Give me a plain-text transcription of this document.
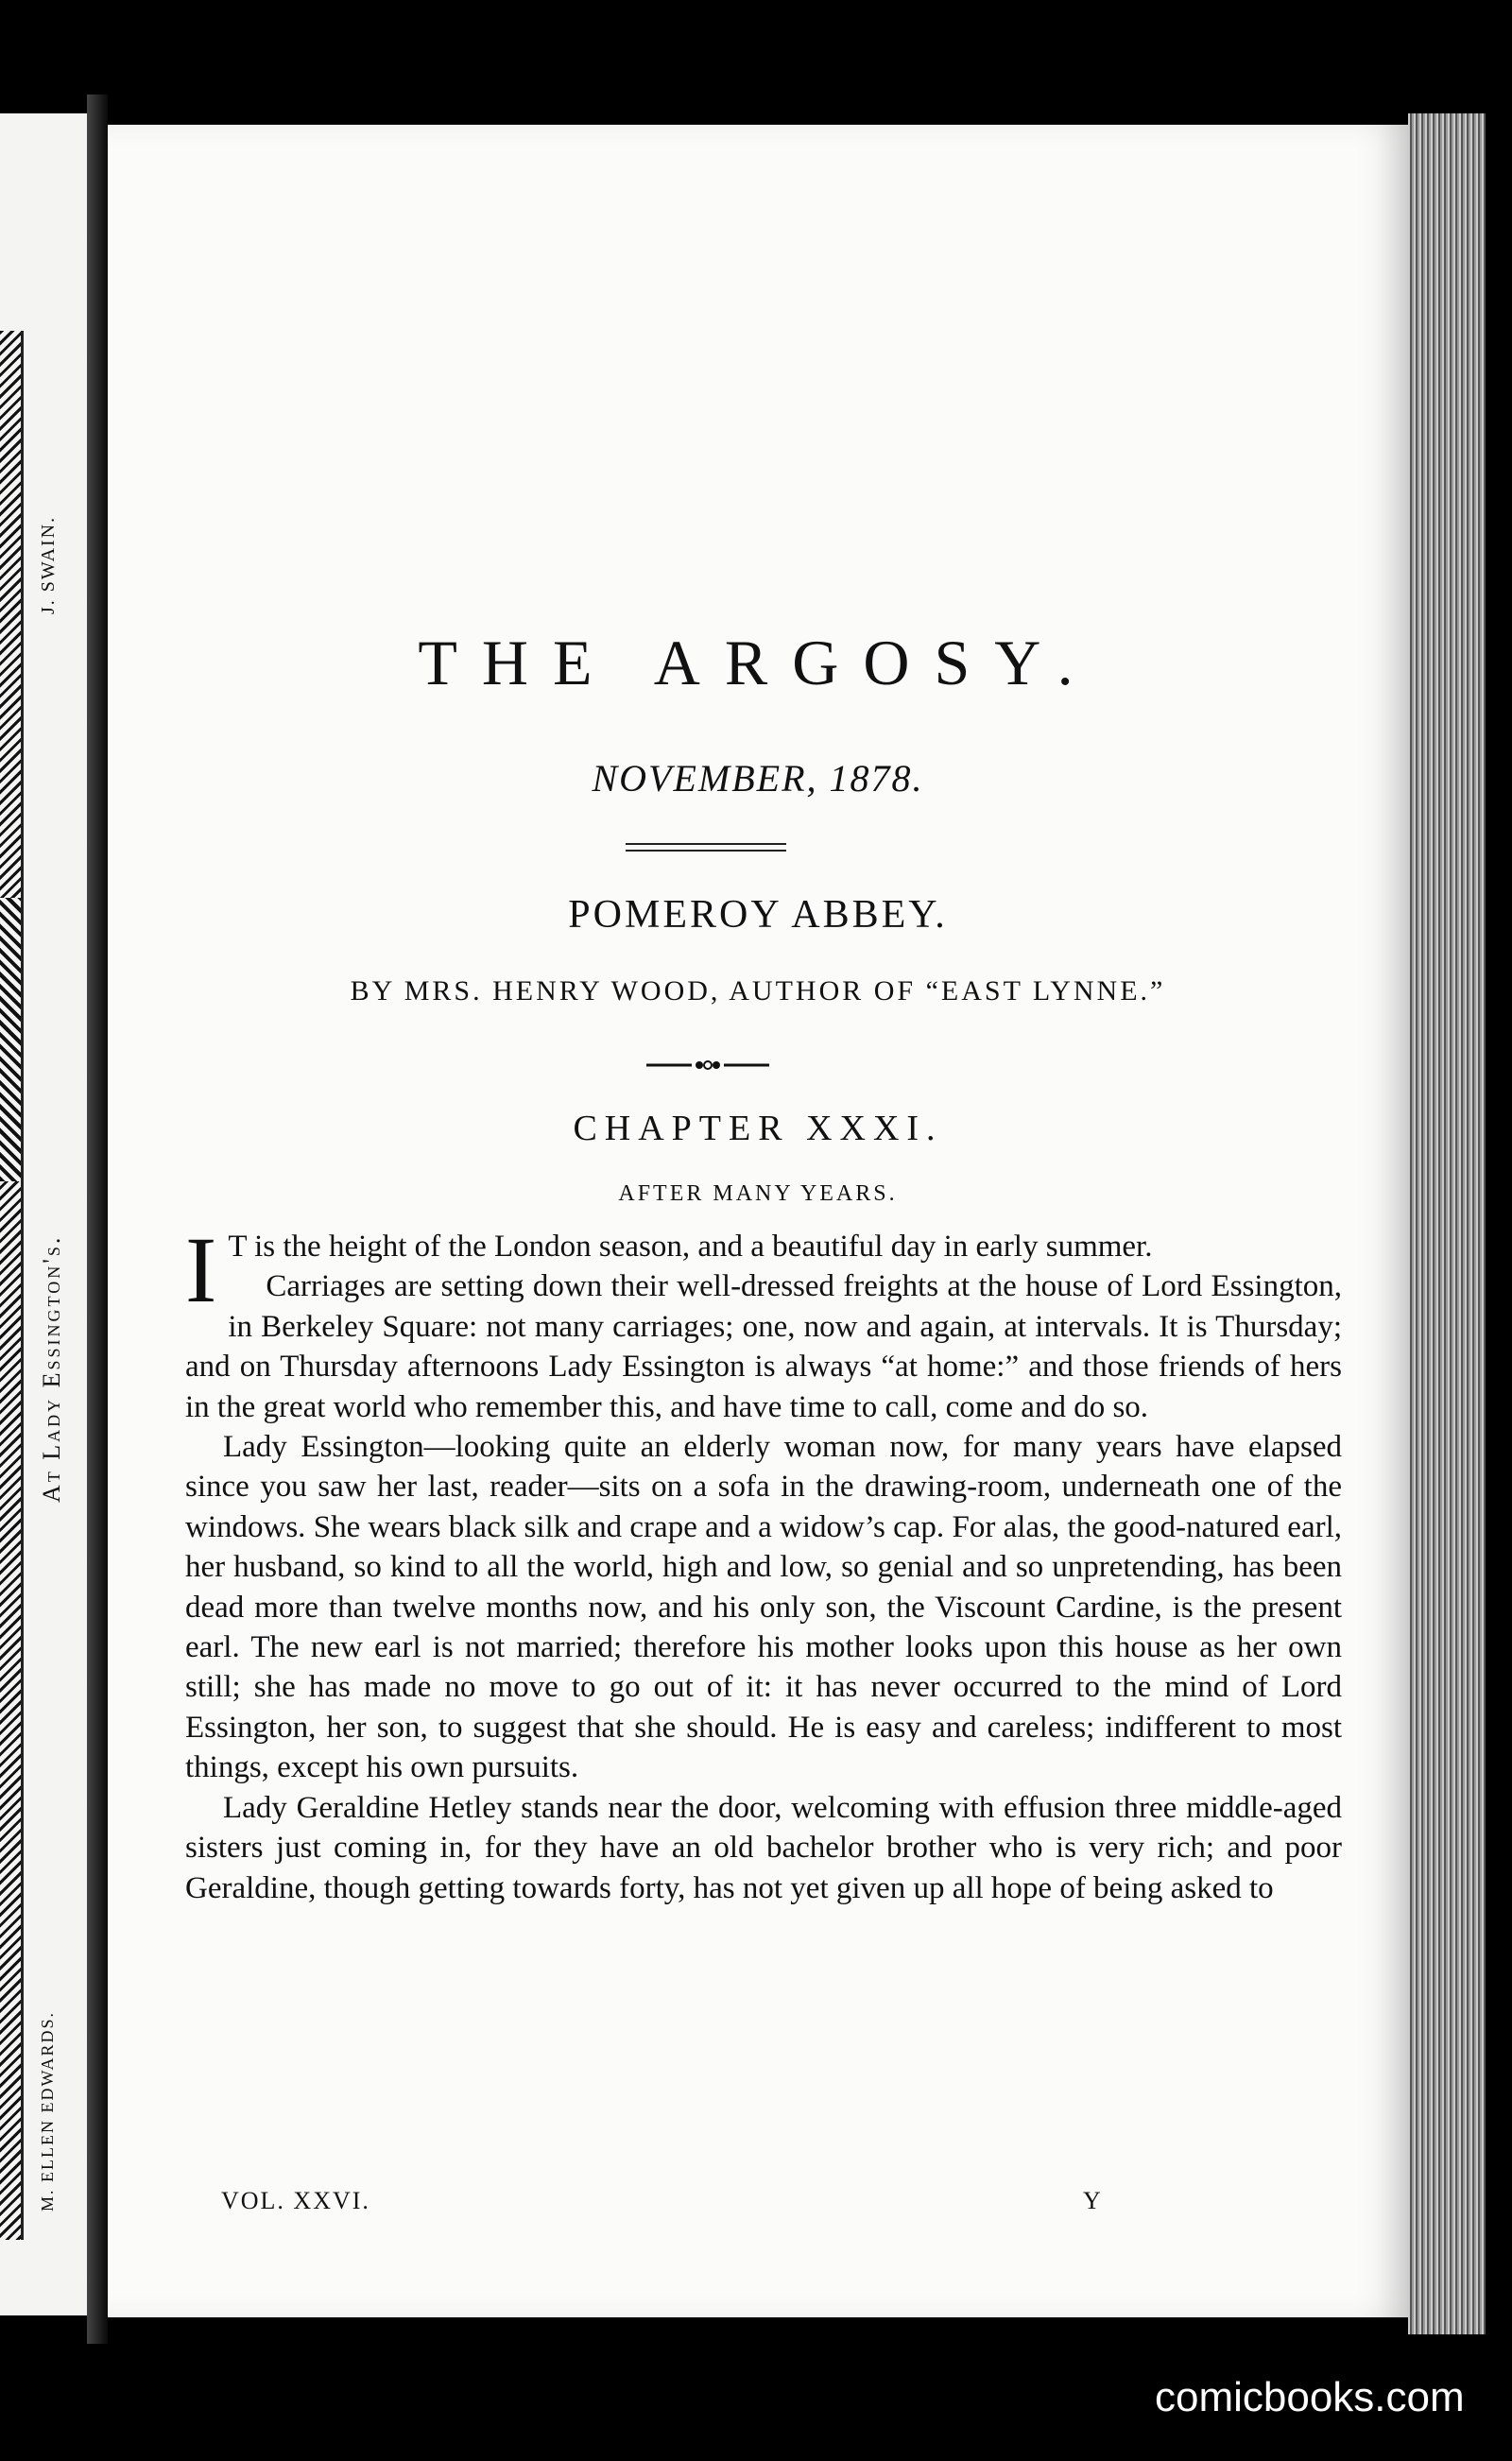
J. SWAIN.
At Lady Essington's.
M. ELLEN EDWARDS.
THE ARGOSY.
NOVEMBER, 1878.
POMEROY ABBEY.
BY MRS. HENRY WOOD, AUTHOR OF “EAST LYNNE.”
CHAPTER XXXI.
AFTER MANY YEARS.

I T is the height of the London season, and a beautiful day in early summer.

Carriages are setting down their well-dressed freights at the house of Lord Essington, in Berkeley Square: not many carriages; one, now and again, at intervals. It is Thursday; and on Thursday afternoons Lady Essington is always “at home:” and those friends of hers in the great world who remember this, and have time to call, come and do so.

Lady Essington—looking quite an elderly woman now, for many years have elapsed since you saw her last, reader—sits on a sofa in the drawing-room, underneath one of the windows. She wears black silk and crape and a widow’s cap. For alas, the good-natured earl, her husband, so kind to all the world, high and low, so genial and so unpretending, has been dead more than twelve months now, and his only son, the Viscount Cardine, is the present earl. The new earl is not married; therefore his mother looks upon this house as her own still; she has made no move to go out of it: it has never occurred to the mind of Lord Essington, her son, to suggest that she should. He is easy and careless; indifferent to most things, except his own pursuits.

Lady Geraldine Hetley stands near the door, welcoming with effusion three middle-aged sisters just coming in, for they have an old bachelor brother who is very rich; and poor Geraldine, though getting towards forty, has not yet given up all hope of being asked to

VOL. XXVI.	Y
comicbooks.com
